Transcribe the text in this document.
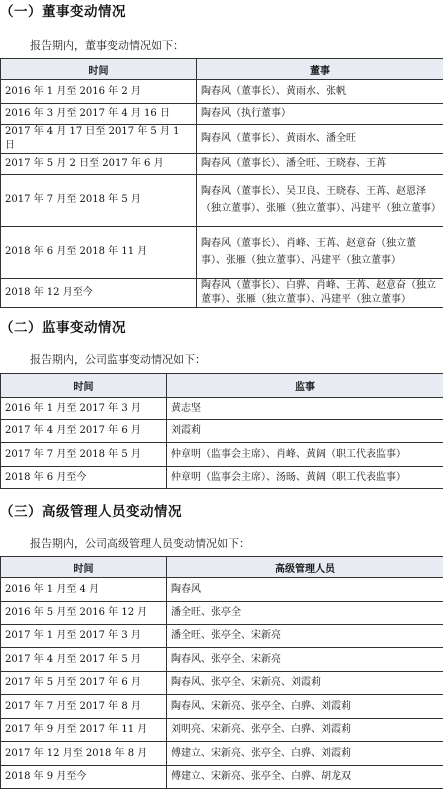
（一）董事变动情况

报告期内，董事变动情况如下：

时间	董事
2016 年 1 月至 2016 年 2 月	陶春风（董事长）、黄雨水、张帆
2016 年 3 月至 2017 年 4 月 16 日	陶春风（执行董事）
2017 年 4 月 17 日至 2017 年 5 月 1 日	陶春风（董事长）、黄雨水、潘全旺
2017 年 5 月 2 日至 2017 年 6 月	陶春风（董事长）、潘全旺、王晓春、王苒
2017 年 7 月至 2018 年 5 月	陶春风（董事长）、吴卫良、王晓春、王苒、赵恩泽（独立董事）、张雁（独立董事）、冯建平（独立董事）
2018 年 6 月至 2018 年 11 月	陶春风（董事长）、肖峰、王苒、赵意奋（独立董事）、张雁（独立董事）、冯建平（独立董事）
2018 年 12 月至今	陶春风（董事长）、白骅、肖峰、王苒、赵意奋（独立董事）、张雁（独立董事）、冯建平（独立董事）
（二）监事变动情况

报告期内，公司监事变动情况如下：

时间	监事
2016 年 1 月至 2017 年 3 月	黄志坚
2017 年 4 月至 2017 年 6 月	刘霞莉
2017 年 7 月至 2018 年 5 月	仲章明（监事会主席）、肖峰、黄阔（职工代表监事）
2018 年 6 月至今	仲章明（监事会主席）、汤旸、黄阔（职工代表监事）
（三）高级管理人员变动情况

报告期内，公司高级管理人员变动情况如下：

时间	高级管理人员
2016 年 1 月至 4 月	陶春风
2016 年 5 月至 2016 年 12 月	潘全旺、张亭全
2017 年 1 月至 2017 年 3 月	潘全旺、张亭全、宋新亮
2017 年 4 月至 2017 年 5 月	陶春风、张亭全、宋新亮
2017 年 5 月至 2017 年 6 月	陶春风、张亭全、宋新亮、刘霞莉
2017 年 7 月至 2017 年 8 月	陶春风、宋新亮、张亭全、白骅、刘霞莉
2017 年 9 月至 2017 年 11 月	刘明亮、宋新亮、张亭全、白骅、刘霞莉
2017 年 12 月至 2018 年 8 月	傅建立、宋新亮、张亭全、白骅、刘霞莉
2018 年 9 月至今	傅建立、宋新亮、张亭全、白骅、胡龙双
